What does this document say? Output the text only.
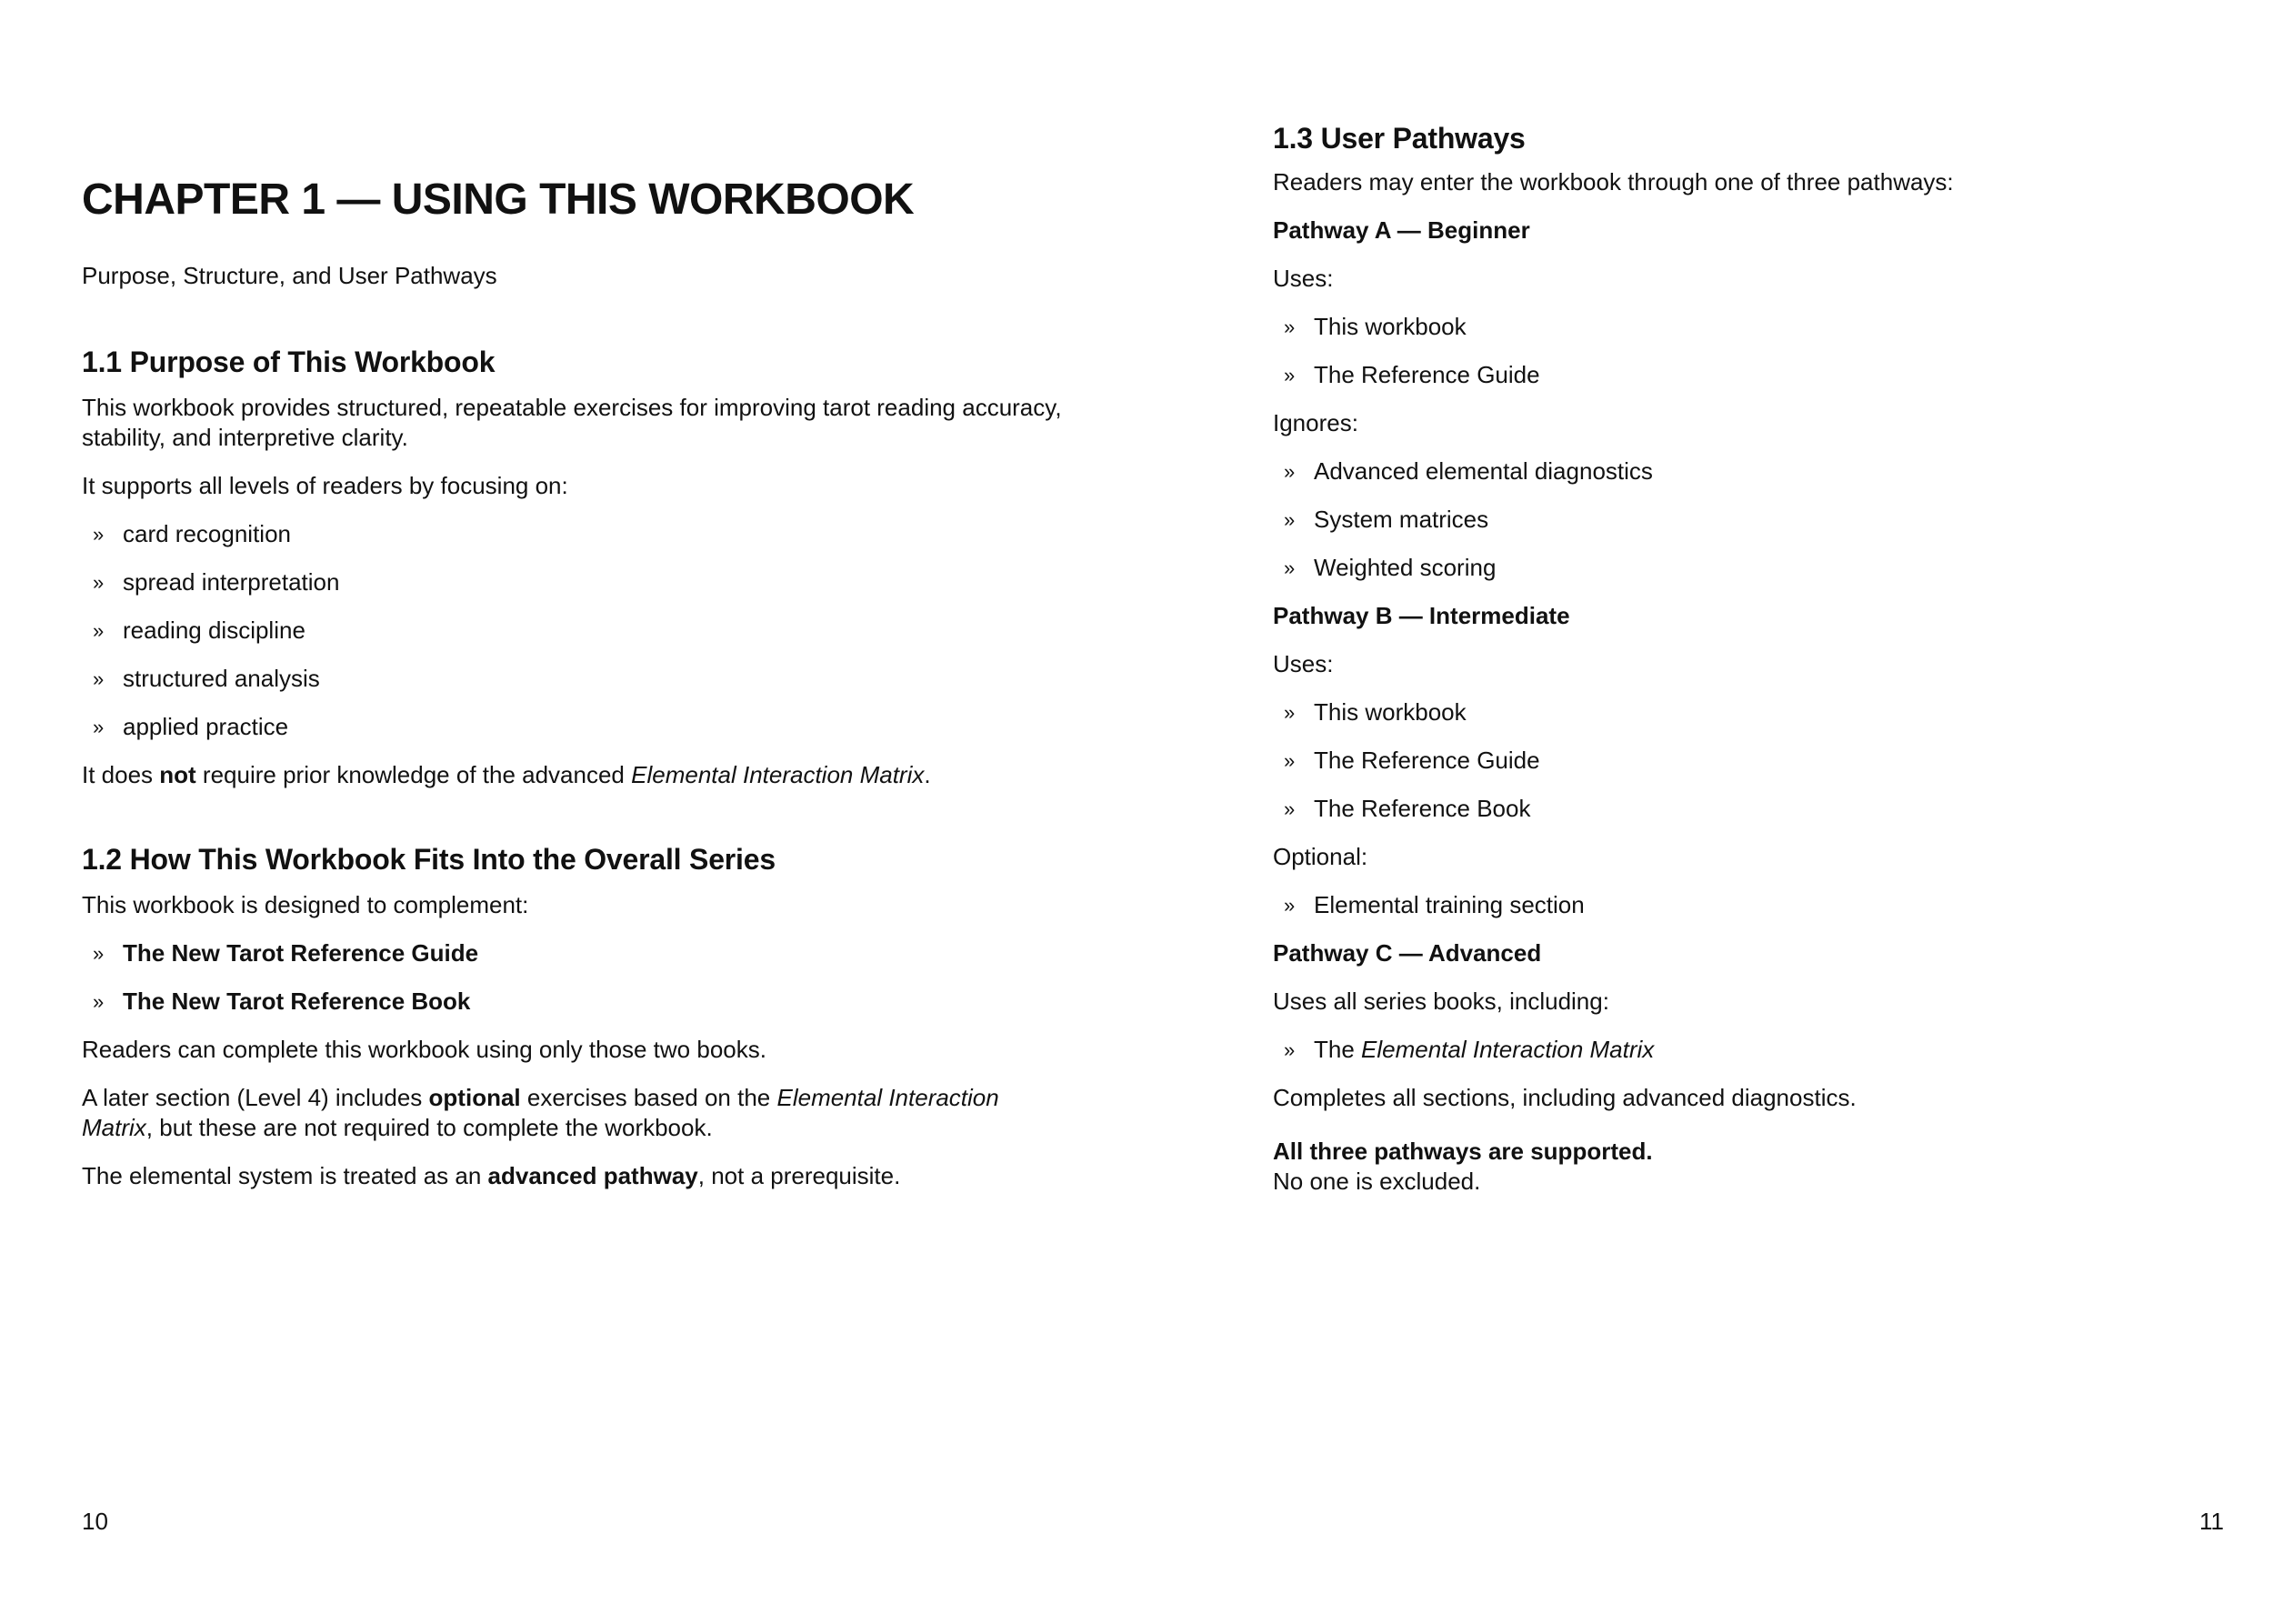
CHAPTER 1 — USING THIS WORKBOOK
Purpose, Structure, and User Pathways
1.1 Purpose of This Workbook

This workbook provides structured, repeatable exercises for improving tarot reading accuracy, stability, and interpretive clarity.

It supports all levels of readers by focusing on:

» card recognition
» spread interpretation
» reading discipline
» structured analysis
» applied practice

It does not require prior knowledge of the advanced Elemental Interaction Matrix.

1.2 How This Workbook Fits Into the Overall Series

This workbook is designed to complement:

» The New Tarot Reference Guide
» The New Tarot Reference Book

Readers can complete this workbook using only those two books.

A later section (Level 4) includes optional exercises based on the Elemental Interaction Matrix, but these are not required to complete the workbook.

The elemental system is treated as an advanced pathway, not a prerequisite.

10
1.3 User Pathways

Readers may enter the workbook through one of three pathways:

Pathway A — Beginner

Uses:

» This workbook
» The Reference Guide

Ignores:

» Advanced elemental diagnostics
» System matrices
» Weighted scoring

Pathway B — Intermediate

Uses:

» This workbook
» The Reference Guide
» The Reference Book

Optional:

» Elemental training section

Pathway C — Advanced

Uses all series books, including:

» The Elemental Interaction Matrix

Completes all sections, including advanced diagnostics.

All three pathways are supported.
No one is excluded.

11
